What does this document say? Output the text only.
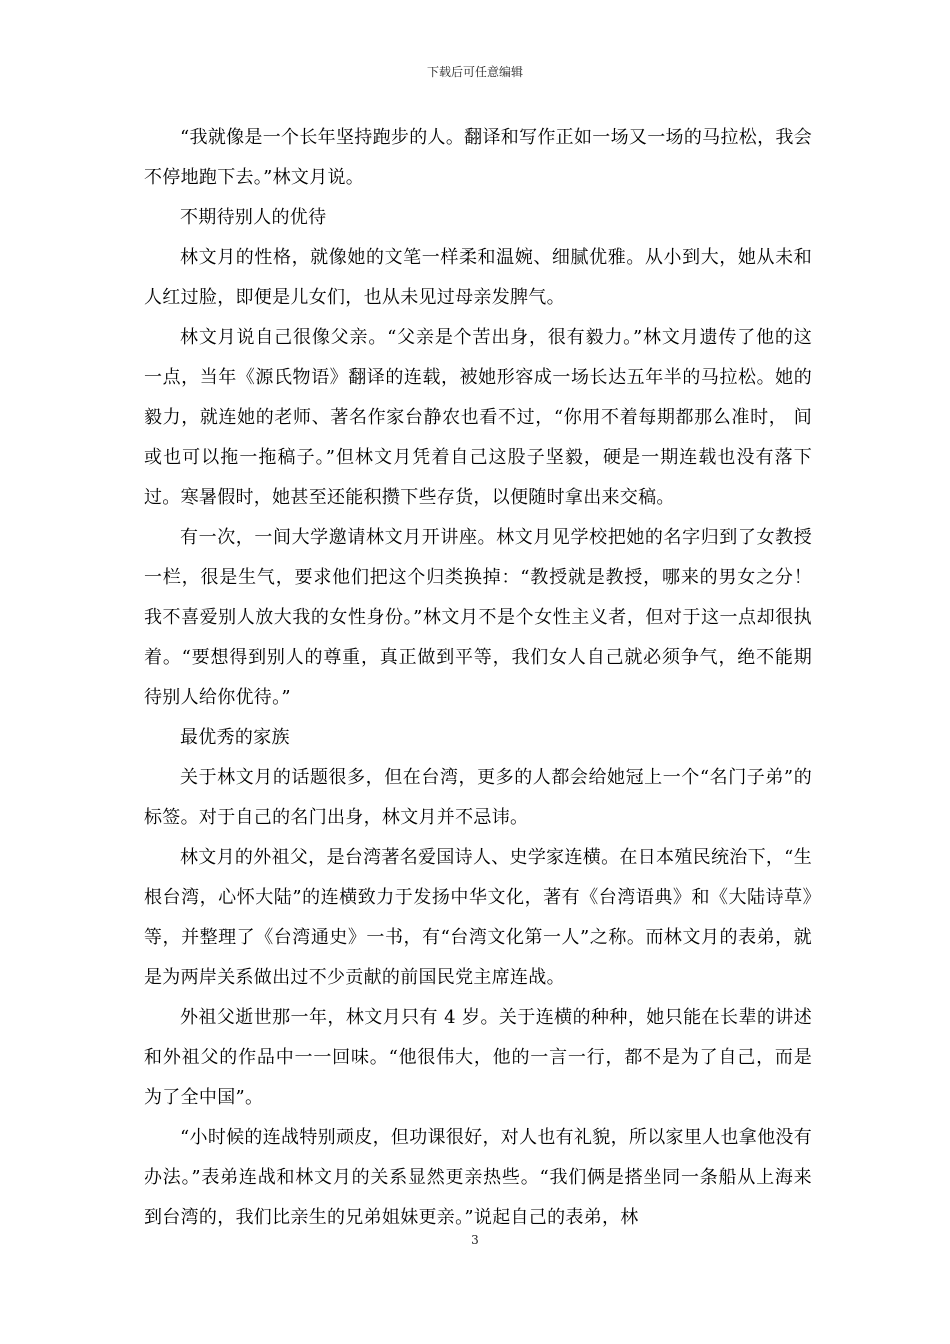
下载后可任意编辑

“我就像是一个长年坚持跑步的人。翻译和写作正如一场又一场的马拉松，我会不停地跑下去。”林文月说。

不期待别人的优待

林文月的性格，就像她的文笔一样柔和温婉、细腻优雅。从小到大，她从未和人红过脸，即便是儿女们，也从未见过母亲发脾气。

林文月说自己很像父亲。“父亲是个苦出身，很有毅力。”林文月遗传了他的这一点，当年《源氏物语》翻译的连载，被她形容成一场长达五年半的马拉松。她的毅力，就连她的老师、著名作家台静农也看不过，“你用不着每期都那么准时， 间或也可以拖一拖稿子。”但林文月凭着自己这股子坚毅，硬是一期连载也没有落下过。寒暑假时，她甚至还能积攒下些存货，以便随时拿出来交稿。

有一次，一间大学邀请林文月开讲座。林文月见学校把她的名字归到了女教授一栏，很是生气，要求他们把这个归类换掉：“教授就是教授，哪来的男女之分！我不喜爱别人放大我的女性身份。”林文月不是个女性主义者，但对于这一点却很执着。“要想得到别人的尊重，真正做到平等，我们女人自己就必须争气，绝不能期待别人给你优待。”

最优秀的家族

关于林文月的话题很多，但在台湾，更多的人都会给她冠上一个“名门子弟”的标签。对于自己的名门出身，林文月并不忌讳。

林文月的外祖父，是台湾著名爱国诗人、史学家连横。在日本殖民统治下，“生根台湾，心怀大陆”的连横致力于发扬中华文化，著有《台湾语典》和《大陆诗草》等，并整理了《台湾通史》一书，有“台湾文化第一人”之称。而林文月的表弟，就是为两岸关系做出过不少贡献的前国民党主席连战。

外祖父逝世那一年，林文月只有 4 岁。关于连横的种种，她只能在长辈的讲述和外祖父的作品中一一回味。“他很伟大，他的一言一行，都不是为了自己，而是为了全中国”。

“小时候的连战特别顽皮，但功课很好，对人也有礼貌，所以家里人也拿他没有办法。”表弟连战和林文月的关系显然更亲热些。“我们俩是搭坐同一条船从上海来到台湾的，我们比亲生的兄弟姐妹更亲。”说起自己的表弟，林

3
